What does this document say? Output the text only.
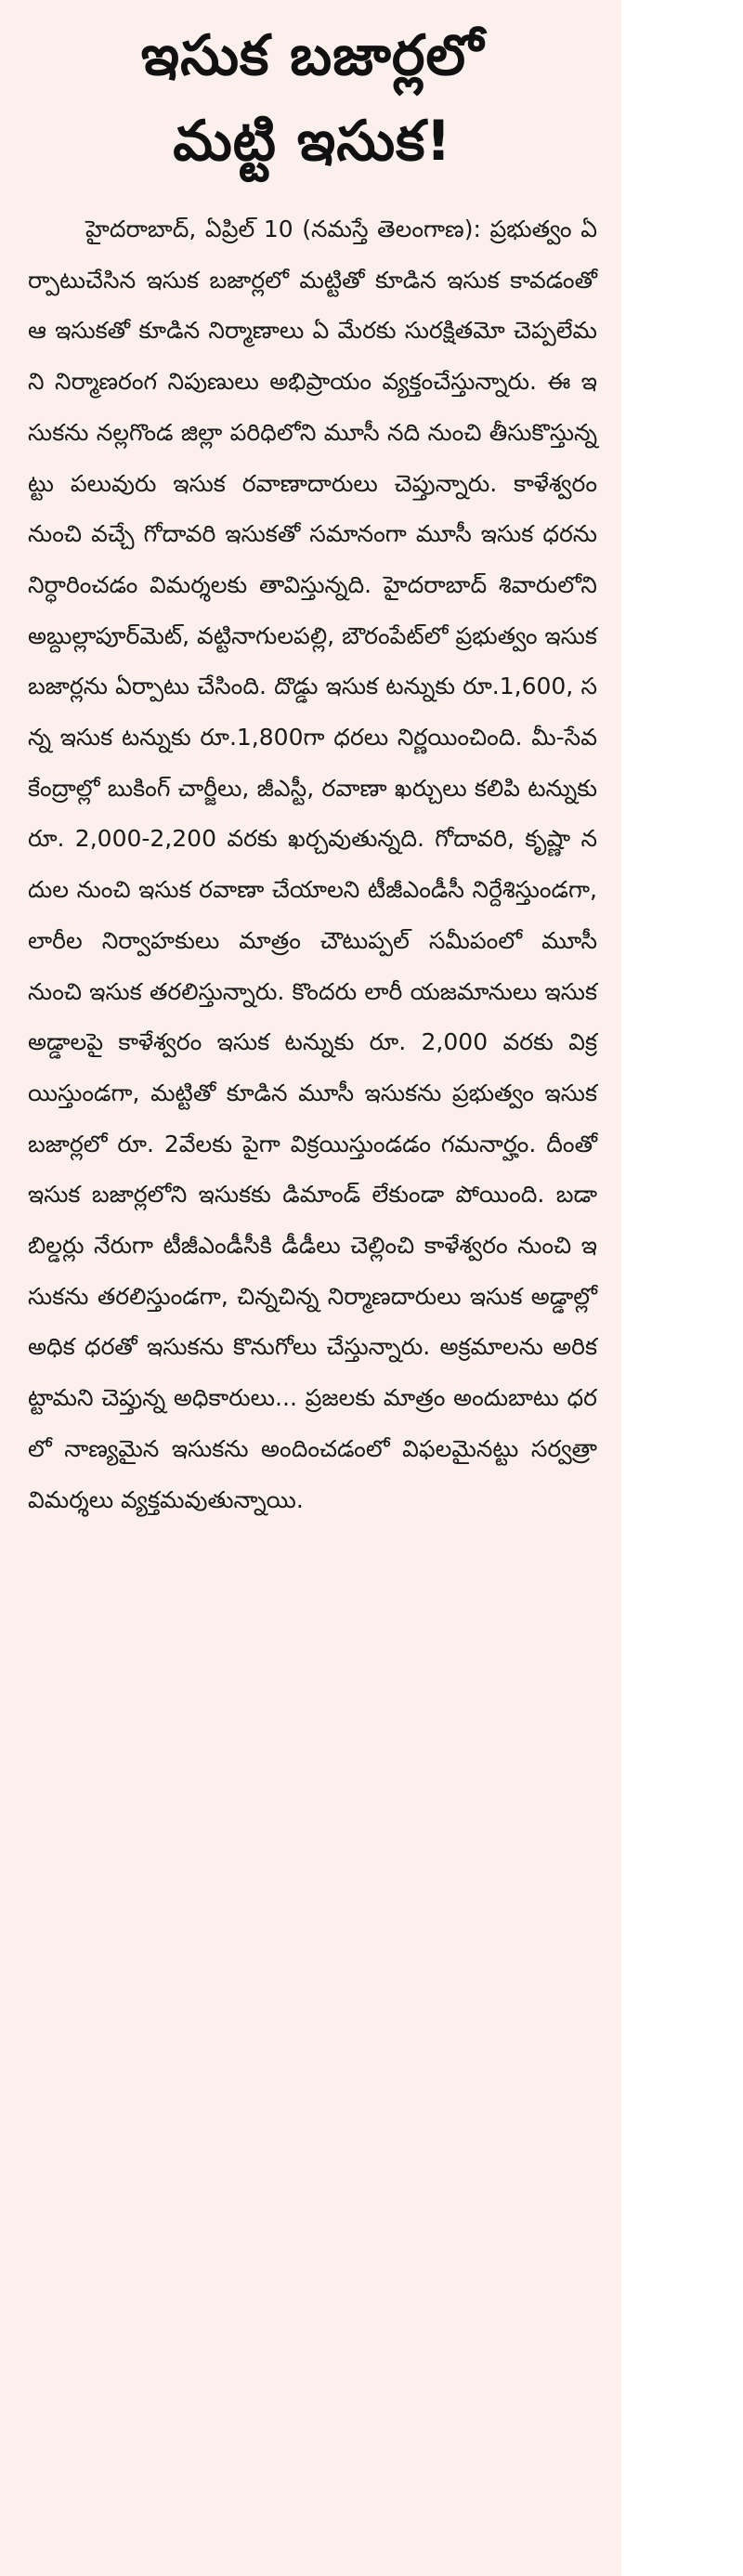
ఇసుక బజార్లలో
మట్టి ఇసుక!

హైదరాబాద్, ఏప్రిల్ 10 (నమస్తే తెలంగాణ): ప్రభుత్వం ఏర్పాటుచేసిన ఇసుక బజార్లలో మట్టితో కూడిన ఇసుక కావడంతో ఆ ఇసుకతో కూడిన నిర్మాణాలు ఏ మేరకు సురక్షితమో చెప్పలేమని నిర్మాణరంగ నిపుణులు అభిప్రాయం వ్యక్తంచేస్తున్నారు. ఈ ఇసుకను నల్లగొండ జిల్లా పరిధిలోని మూసీ నది నుంచి తీసుకొస్తున్నట్టు పలువురు ఇసుక రవాణాదారులు చెప్తున్నారు. కాళేశ్వరం నుంచి వచ్చే గోదావరి ఇసుకతో సమానంగా మూసీ ఇసుక ధరను నిర్ధారించడం విమర్శలకు తావిస్తున్నది. హైదరాబాద్ శివారులోని అబ్దుల్లాపూర్‌మెట్, వట్టినాగులపల్లి, బౌరంపేట్‌లో ప్రభుత్వం ఇసుక బజార్లను ఏర్పాటు చేసింది. దొడ్డు ఇసుక టన్నుకు రూ.1,600, సన్న ఇసుక టన్నుకు రూ.1,800గా ధరలు నిర్ణయించింది. మీ-సేవ కేంద్రాల్లో బుకింగ్ చార్జీలు, జీఎస్టీ, రవాణా ఖర్చులు కలిపి టన్నుకు రూ. 2,000-2,200 వరకు ఖర్చవుతున్నది. గోదావరి, కృష్ణా నదుల నుంచి ఇసుక రవాణా చేయాలని టీజీఎండీసీ నిర్దేశిస్తుండగా, లారీల నిర్వాహకులు మాత్రం చౌటుప్పల్ సమీపంలో మూసీ నుంచి ఇసుక తరలిస్తున్నారు. కొందరు లారీ యజమానులు ఇసుక అడ్డాలపై కాళేశ్వరం ఇసుక టన్నుకు రూ. 2,000 వరకు విక్రయిస్తుండగా, మట్టితో కూడిన మూసీ ఇసుకను ప్రభుత్వం ఇసుక బజార్లలో రూ. 2వేలకు పైగా విక్రయిస్తుండడం గమనార్హం. దీంతో ఇసుక బజార్లలోని ఇసుకకు డిమాండ్ లేకుండా పోయింది. బడా బిల్డర్లు నేరుగా టీజీఎండీసీకి డీడీలు చెల్లించి కాళేశ్వరం నుంచి ఇసుకను తరలిస్తుండగా, చిన్నచిన్న నిర్మాణదారులు ఇసుక అడ్డాల్లో అధిక ధరతో ఇసుకను కొనుగోలు చేస్తున్నారు. అక్రమాలను అరికట్టామని చెప్తున్న అధికారులు... ప్రజలకు మాత్రం అందుబాటు ధరలో నాణ్యమైన ఇసుకను అందించడంలో విఫలమైనట్టు సర్వత్రా విమర్శలు వ్యక్తమవుతున్నాయి.
